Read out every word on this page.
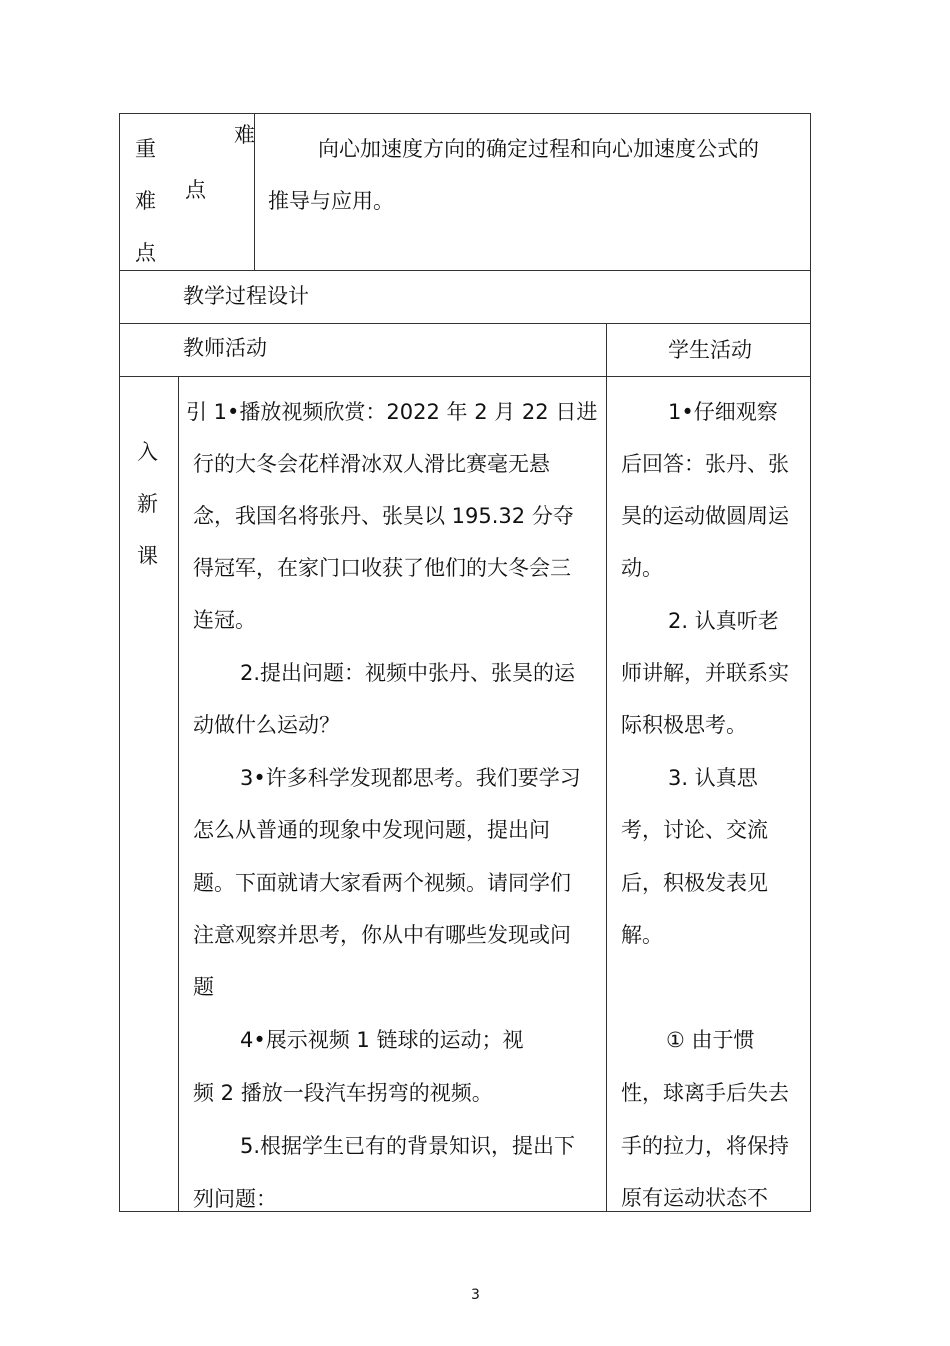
重
难
点
难
点
向心加速度方向的确定过程和向心加速度公式的
推导与应用。
教学过程设计
教师活动	学生活动
入
新
课
引 1•播放视频欣赏：2022 年 2 月 22 日进
行的大冬会花样滑冰双人滑比赛毫无悬
念，我国名将张丹、张昊以 195.32 分夺
得冠军，在家门口收获了他们的大冬会三
连冠。
2.提出问题：视频中张丹、张昊的运
动做什么运动？
3•许多科学发现都思考。我们要学习
怎么从普通的现象中发现问题，提出问
题。下面就请大家看两个视频。请同学们
注意观察并思考，你从中有哪些发现或问
题
4•展示视频 1 链球的运动；视
频 2 播放一段汽车拐弯的视频。
5.根据学生已有的背景知识，提出下
列问题：
1•仔细观察
后回答：张丹、张
昊的运动做圆周运
动。
2. 认真听老
师讲解，并联系实
际积极思考。
3. 认真思
考，讨论、交流
后，积极发表见
解。
① 由于惯
性，球离手后失去
手的拉力，将保持
原有运动状态不
3
